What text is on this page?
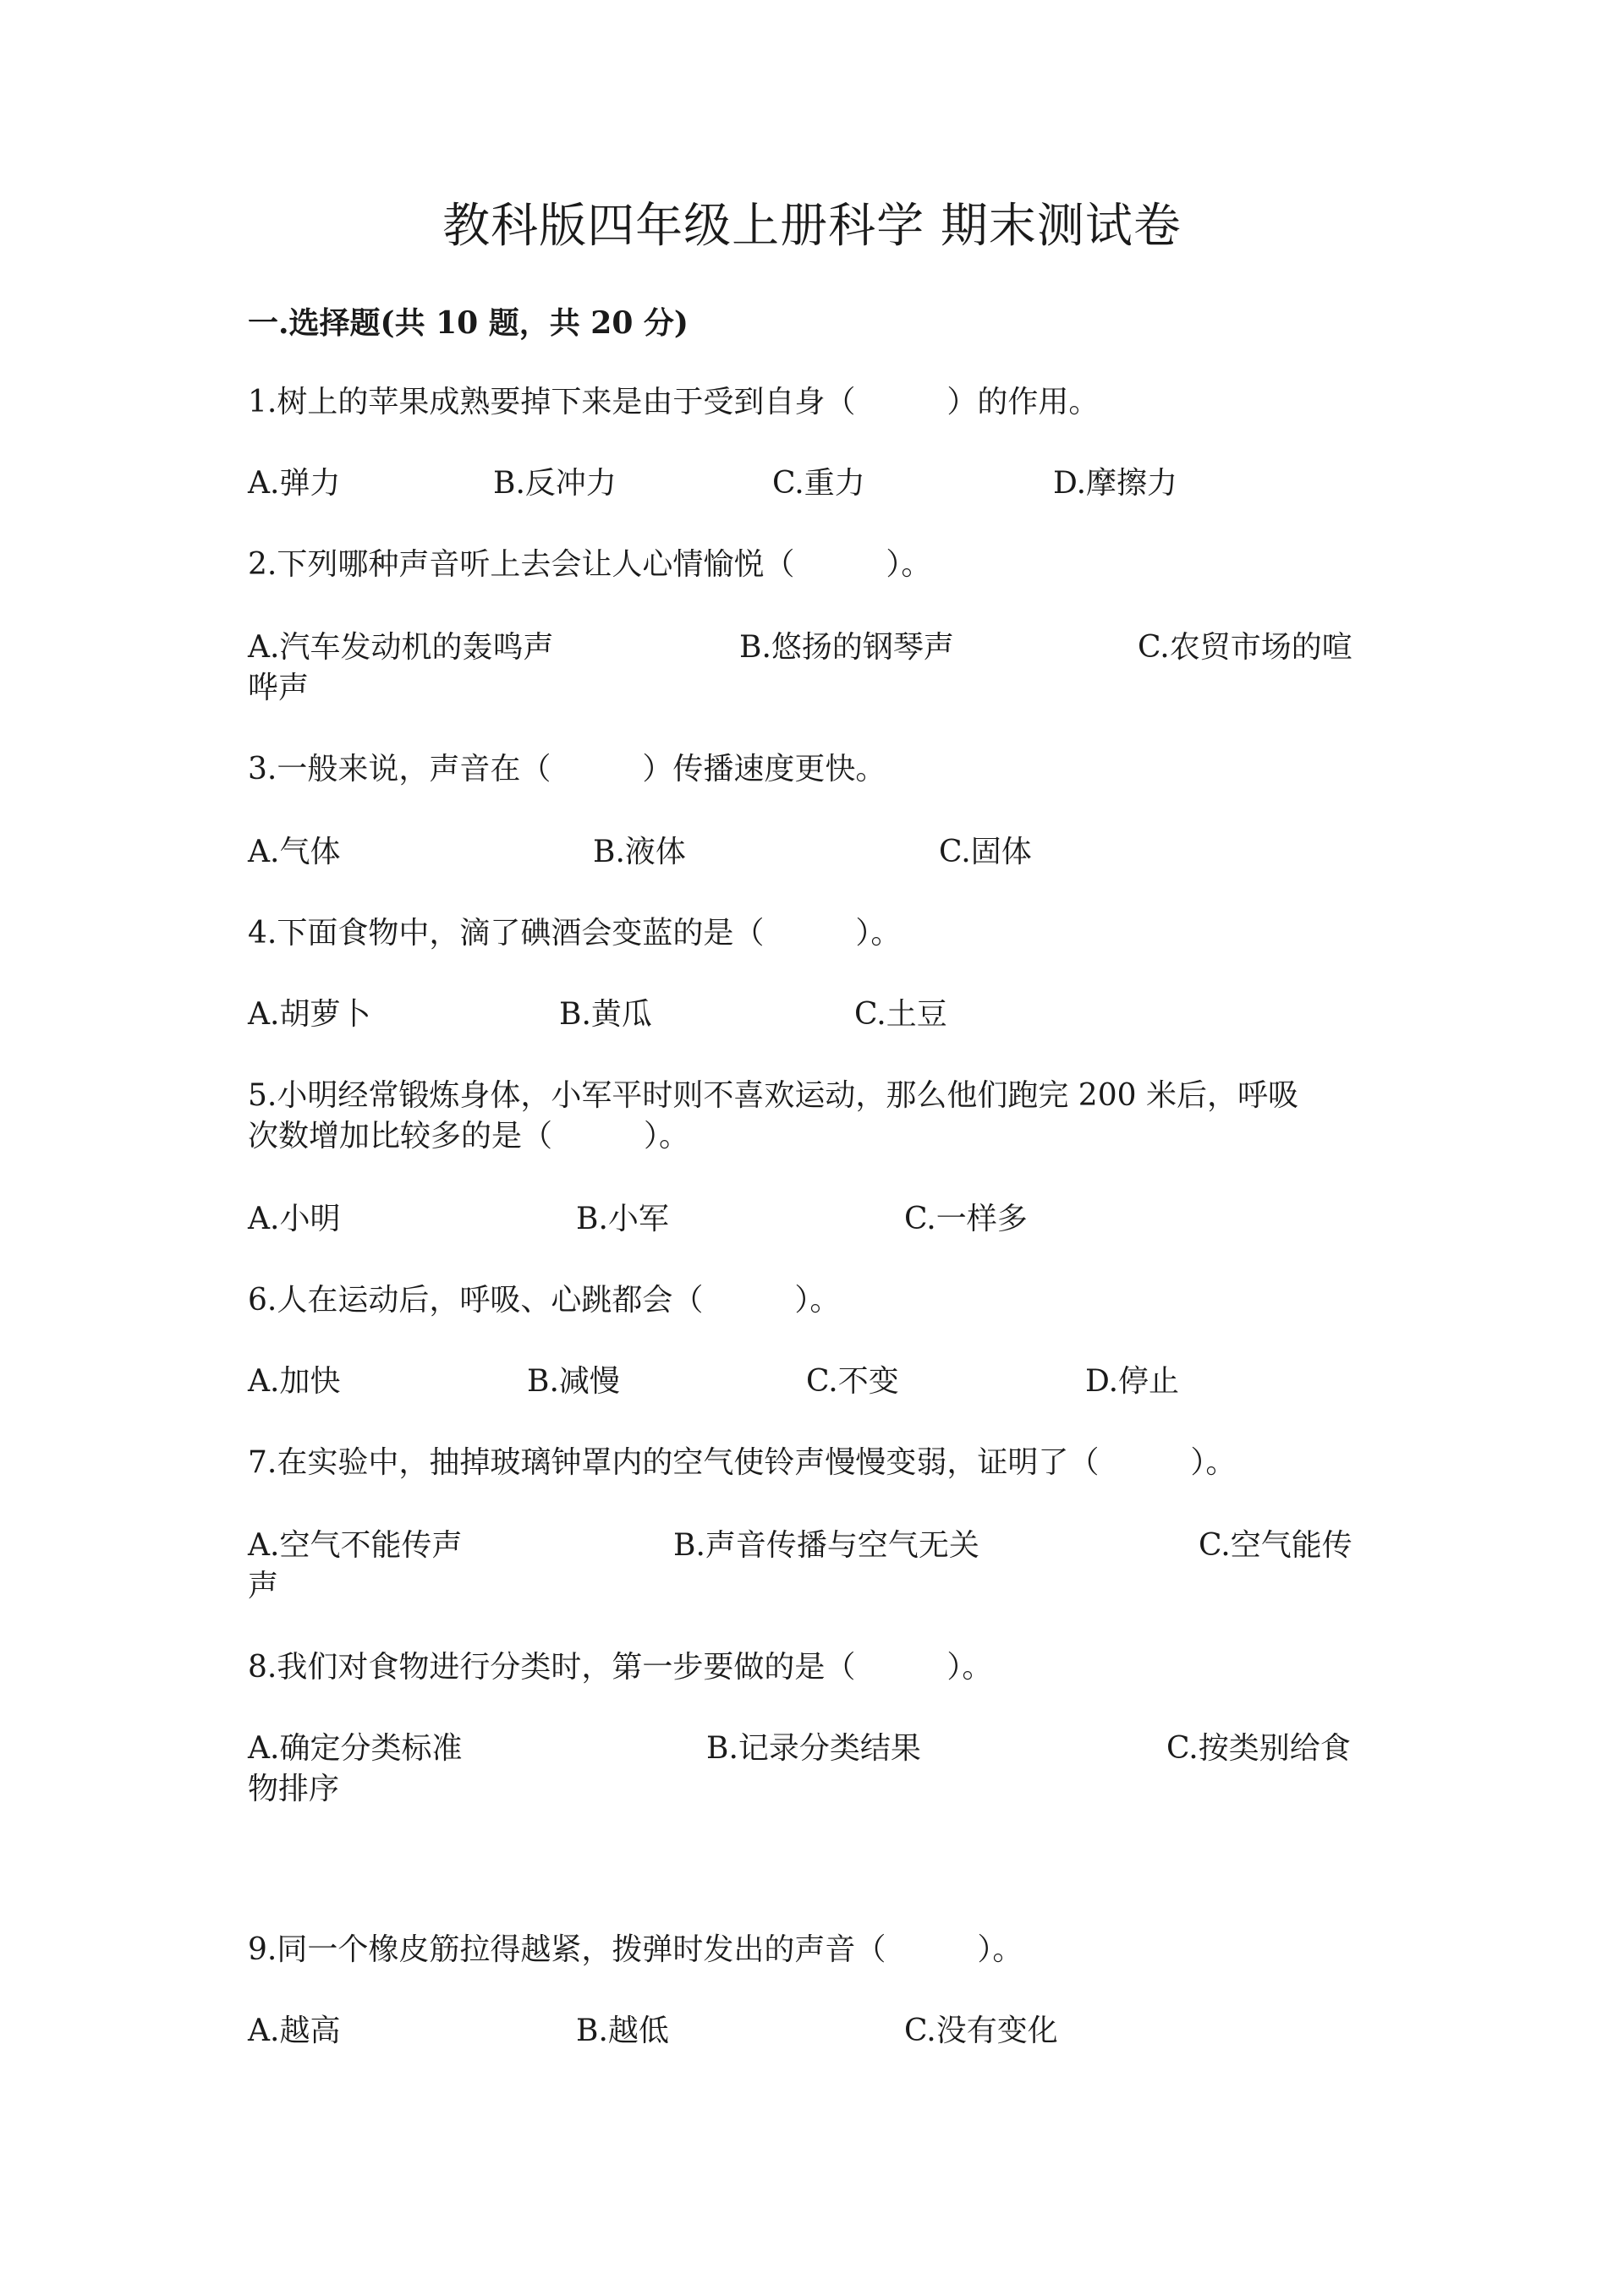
教科版四年级上册科学 期末测试卷
一.选择题(共 10 题，共 20 分)
1.树上的苹果成熟要掉下来是由于受到自身（　　　）的作用。
A.弹力	B.反冲力	C.重力	D.摩擦力
2.下列哪种声音听上去会让人心情愉悦（　　　）。
A.汽车发动机的轰鸣声	B.悠扬的钢琴声	C.农贸市场的喧
哗声
3.一般来说，声音在（　　　）传播速度更快。
A.气体	B.液体	C.固体
4.下面食物中，滴了碘酒会变蓝的是（　　　）。
A.胡萝卜	B.黄瓜	C.土豆
5.小明经常锻炼身体，小军平时则不喜欢运动，那么他们跑完 200 米后，呼吸
次数增加比较多的是（　　　）。
A.小明	B.小军	C.一样多
6.人在运动后，呼吸、心跳都会（　　　）。
A.加快	B.减慢	C.不变	D.停止
7.在实验中，抽掉玻璃钟罩内的空气使铃声慢慢变弱，证明了（　　　）。
A.空气不能传声	B.声音传播与空气无关	C.空气能传
声
8.我们对食物进行分类时，第一步要做的是（　　　）。
A.确定分类标准	B.记录分类结果	C.按类别给食
物排序
9.同一个橡皮筋拉得越紧，拨弹时发出的声音（　　　）。
A.越高	B.越低	C.没有变化
